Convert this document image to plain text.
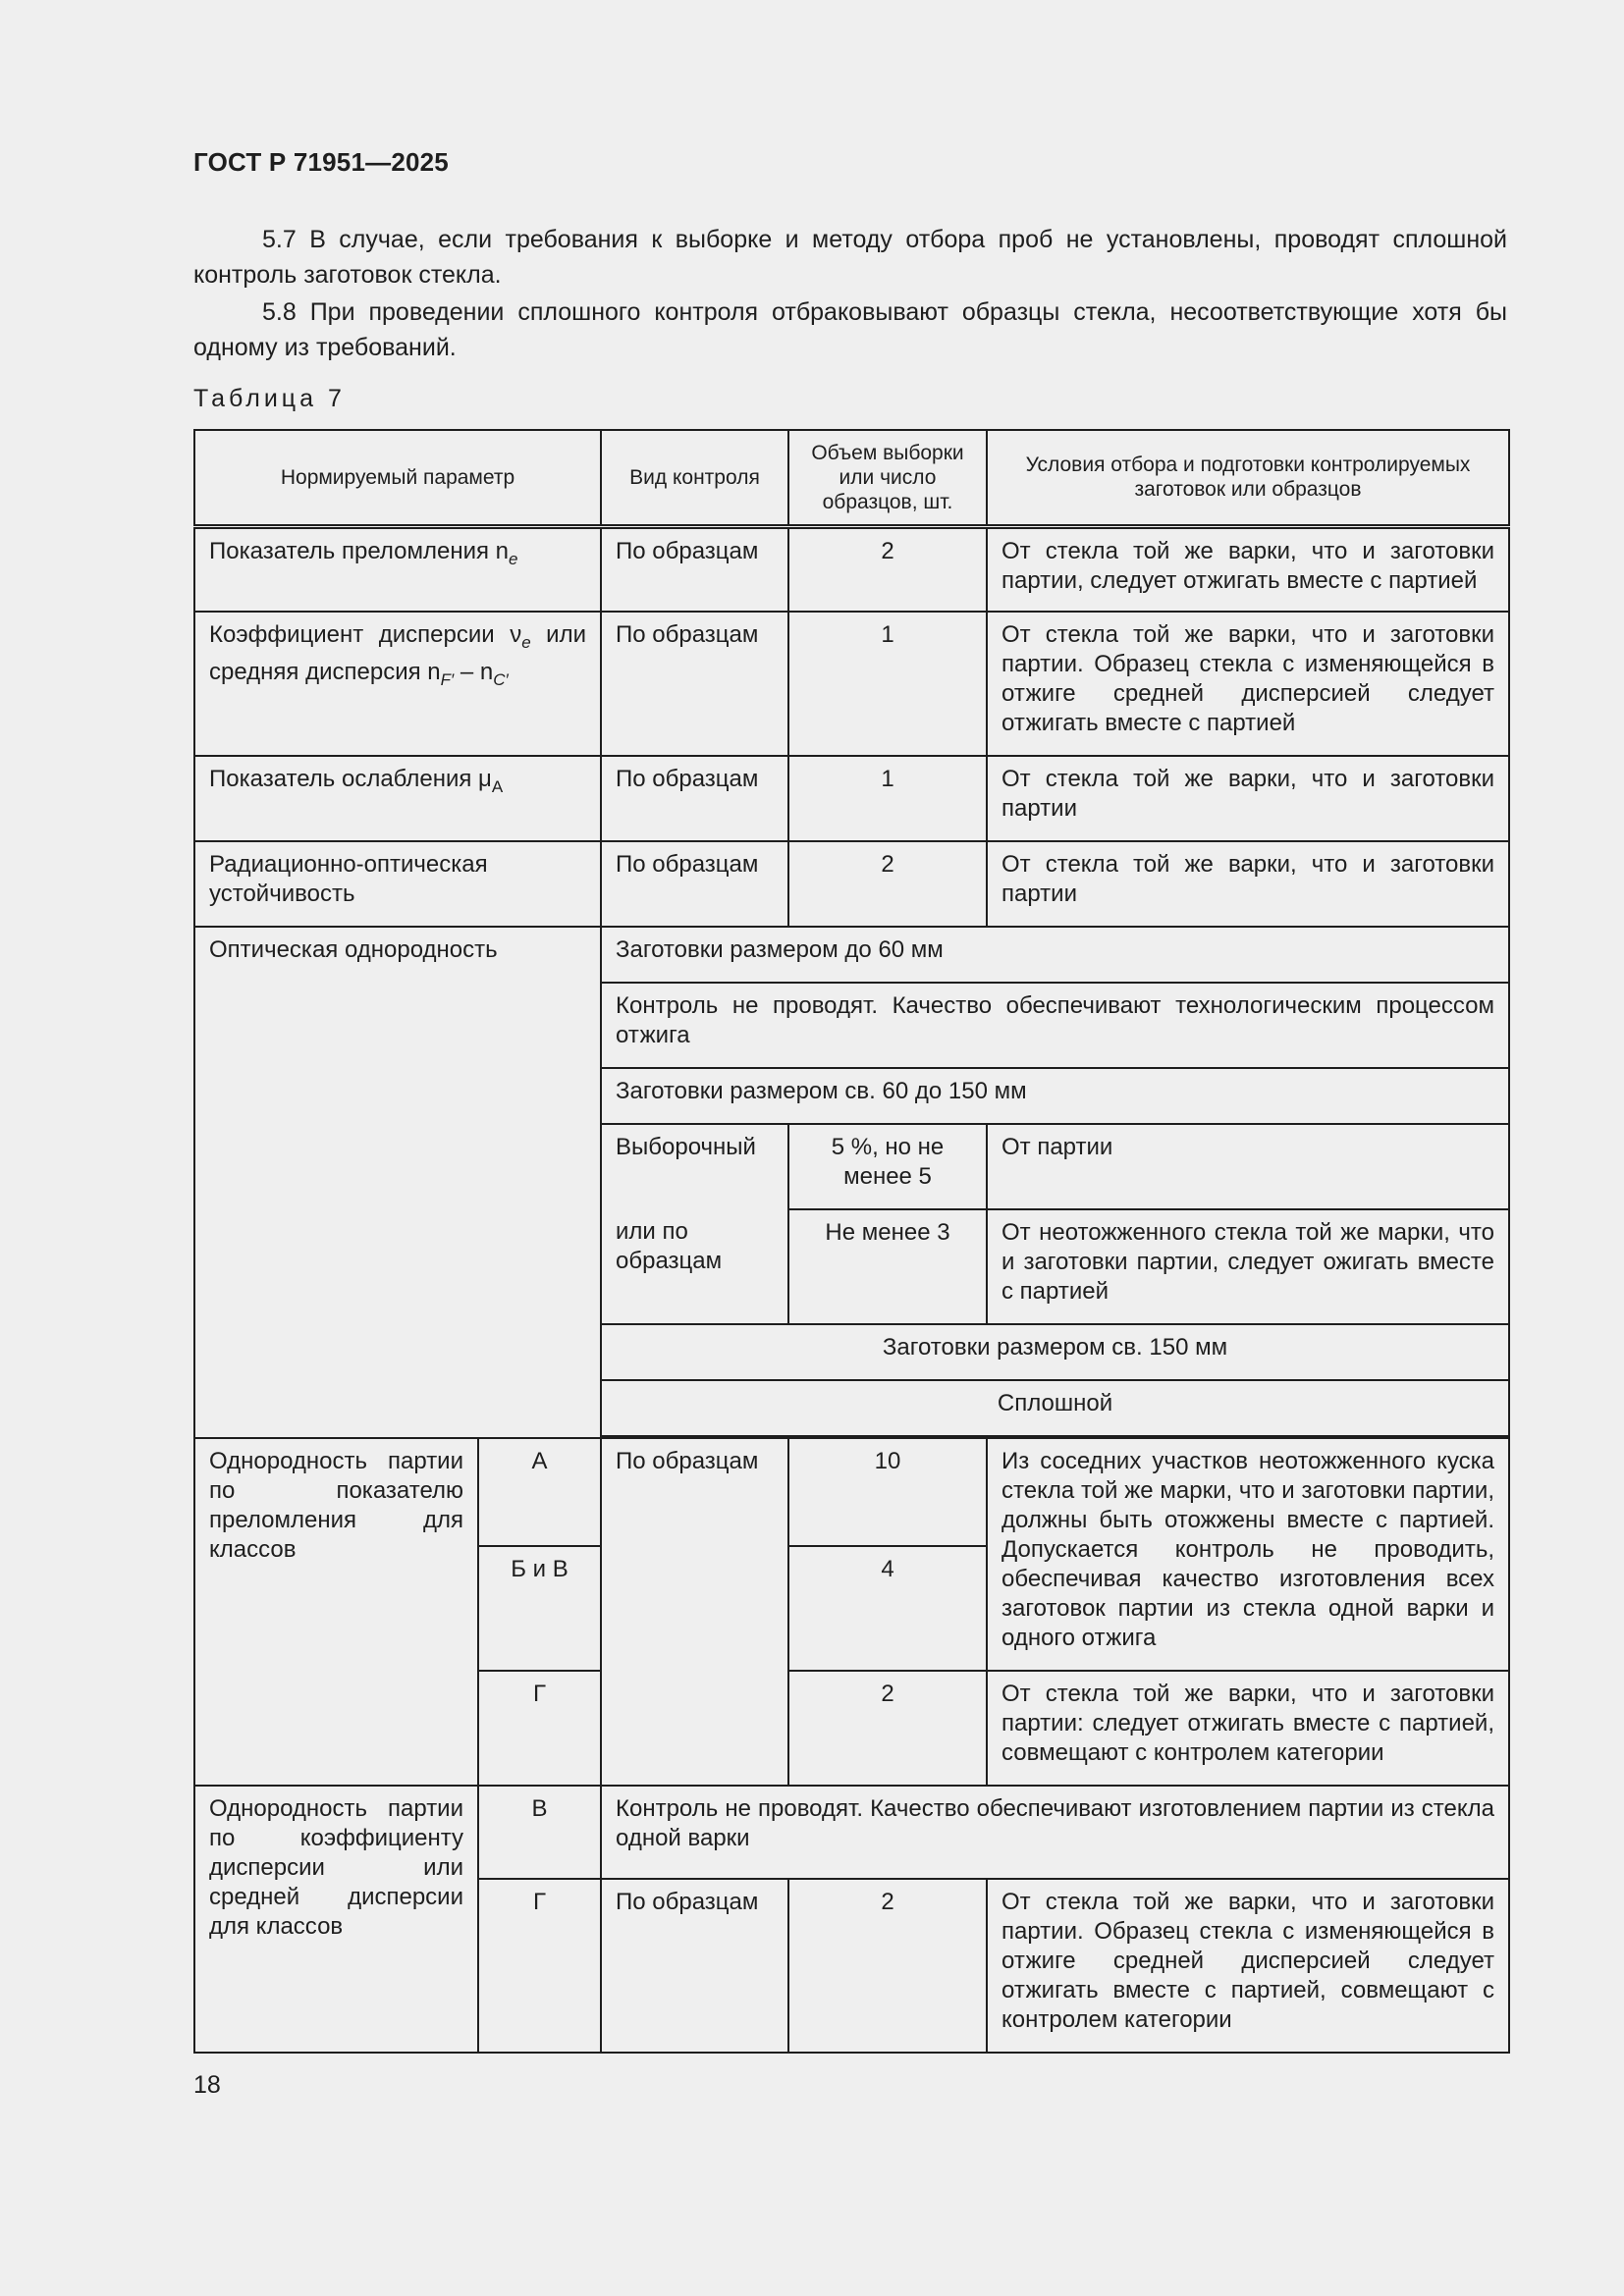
ГОСТ Р 71951—2025
5.7 В случае, если требования к выборке и методу отбора проб не установлены, проводят сплошной контроль заготовок стекла.
5.8 При проведении сплошного контроля отбраковывают образцы стекла, несоответствующие хотя бы одному из требований.
Таблица 7
Нормируемый параметр		Вид контроля	Объем выборки или число образцов, шт.	Условия отбора и подготовки контролируемых заготовок или образцов
Показатель преломления $n_e$		По образцам	2	От стекла той же варки, что и заготовки партии, следует отжигать вместе с партией
Коэффициент дисперсии $\nu_e$ или средняя дисперсия $n_{F'} - n_{C'}$		По образцам	1	От стекла той же варки, что и заготовки партии. Образец стекла с изменяющейся в отжиге средней дисперсией следует отжигать вместе с партией
Показатель ослабления $\mu_A$		По образцам	1	От стекла той же варки, что и заготовки партии
Радиационно-оптическая устойчивость		По образцам	2	От стекла той же варки, что и заготовки партии
Оптическая однородность		Заготовки размером до 60 мм		
		Контроль не проводят. Качество обеспечивают технологическим процессом отжига		
		Заготовки размером св. 60 до 150 мм		
		Выборочный	5 %, но не менее 5	От партии
		или по образцам	Не менее 3	От неотожженного стекла той же марки, что и заготовки партии, следует ожигать вместе с партией
		Заготовки размером св. 150 мм		
		Сплошной		

Однородность партии по показателю преломления для классов	А	По образцам	10	Из соседних участков неотожженного куска стекла той же марки, что и заготовки партии, должны быть отожжены вместе с партией. Допускается контроль не проводить, обеспечивая качество изготовления всех заготовок партии из стекла одной варки и одного отжига
	Б и В		4	
	Г		2	От стекла той же варки, что и заготовки партии: следует отжигать вместе с партией, совмещают с контролем категории
Однородность партии по коэффициенту дисперсии или средней дисперсии для классов	В	Контроль не проводят. Качество обеспечивают изготовлением партии из стекла одной варки		
	Г	По образцам	2	От стекла той же варки, что и заготовки партии. Образец стекла с изменяющейся в отжиге средней дисперсией следует отжигать вместе с партией, совмещают с контролем категории
18
